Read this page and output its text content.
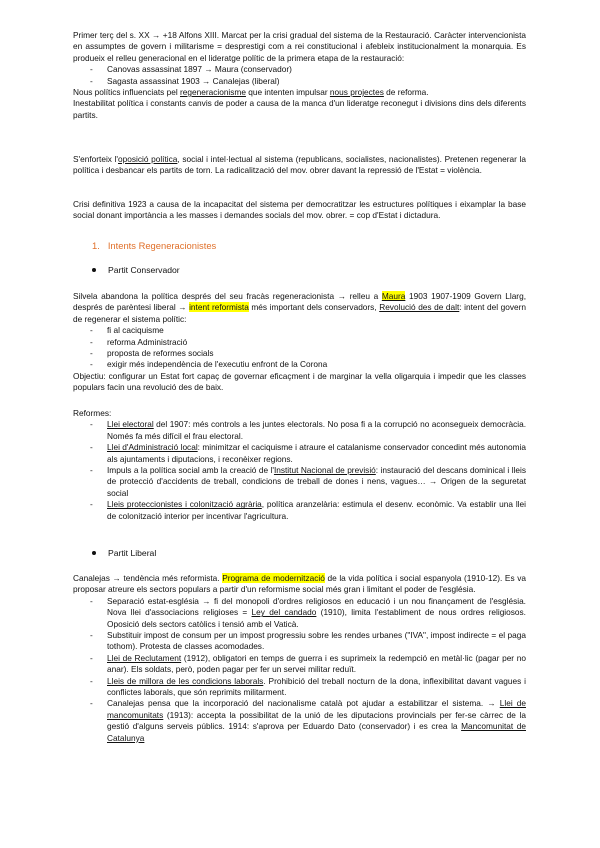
Primer terç del s. XX → +18 Alfons XIII. Marcat per la crisi gradual del sistema de la Restauració. Caràcter intervencionista en assumptes de govern i militarisme = desprestigi com a rei constitucional i afebleix institucionalment la monarquia. Es produeix el relleu generacional en el lideratge polític de la primera etapa de la restauració:

- Canovas assassinat 1897 → Maura (conservador)
- Sagasta assassinat 1903 → Canalejas (liberal)

Nous polítics influenciats pel regeneracionisme que intenten impulsar nous projectes de reforma.

Inestabilitat política i constants canvis de poder a causa de la manca d'un lideratge reconegut i divisions dins dels diferents partits.

S'enforteix l'oposició política, social i intel·lectual al sistema (republicans, socialistes, nacionalistes). Pretenen regenerar la política i desbancar els partits de torn. La radicalització del mov. obrer davant la repressió de l'Estat = violència.

Crisi definitiva 1923 a causa de la incapacitat del sistema per democratitzar les estructures polítiques i eixamplar la base social donant importància a les masses i demandes socials del mov. obrer. = cop d'Estat i dictadura.

1. Intents Regeneracionistes
Partit Conservador

Silvela abandona la política després del seu fracàs regeneracionista → relleu a Maura 1903 1907-1909 Govern Llarg, després de parèntesi liberal → intent reformista més important dels conservadors, Revolució des de dalt: intent del govern de regenerar el sistema polític:

- fi al caciquisme
- reforma Administració
- proposta de reformes socials
- exigir més independència de l'executiu enfront de la Corona

Objectiu: configurar un Estat fort capaç de governar eficaçment i de marginar la vella oligarquia i impedir que les classes populars facin una revolució des de baix.

Reformes:

- Llei electoral del 1907: més controls a les juntes electorals. No posa fi a la corrupció no aconsegueix democràcia. Només fa més difícil el frau electoral.
- Llei d'Administració local: minimitzar el caciquisme i atraure el catalanisme conservador concedint més autonomia als ajuntaments i diputacions, i reconèixer regions.
- Impuls a la política social amb la creació de l'Institut Nacional de previsió: instauració del descans dominical i lleis de protecció d'accidents de treball, condicions de treball de dones i nens, vagues… → Origen de la seguretat social
- Lleis proteccionistes i colonització agrària, política aranzelària: estimula el desenv. econòmic. Va establir una llei de colonització interior per incentivar l'agricultura.
Partit Liberal

Canalejas → tendència més reformista. Programa de modernització de la vida política i social espanyola (1910-12). Es va proposar atreure els sectors populars a partir d'un reformisme social més gran i limitant el poder de l'església.

- Separació estat-església → fi del monopoli d'ordres religiosos en educació i un nou finançament de l'església. Nova llei d'associacions religioses = Ley del candado (1910), limita l'establiment de nous ordres religiosos. Oposició dels sectors catòlics i tensió amb el Vaticà.
- Substituir impost de consum per un impost progressiu sobre les rendes urbanes ("IVA", impost indirecte = el paga tothom). Protesta de classes acomodades.
- Llei de Reclutament (1912), obligatori en temps de guerra i es suprimeix la redempció en metàl·lic (pagar per no anar). Els soldats, però, poden pagar per fer un servei militar reduït.
- Lleis de millora de les condicions laborals. Prohibició del treball nocturn de la dona, inflexibilitat davant vagues i conflictes laborals, que són reprimits militarment.
- Canalejas pensa que la incorporació del nacionalisme català pot ajudar a estabilitzar el sistema. → Llei de mancomunitats (1913): accepta la possibilitat de la unió de les diputacions provincials per fer-se càrrec de la gestió d'alguns serveis públics. 1914: s'aprova per Eduardo Dato (conservador) i es crea la Mancomunitat de Catalunya
